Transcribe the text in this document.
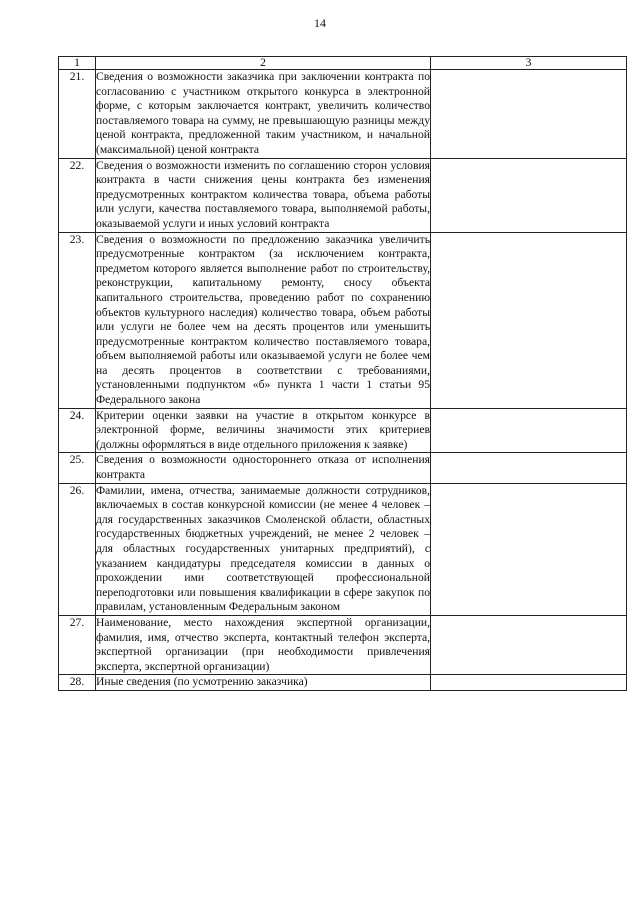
14
1	2	3
21.	Сведения о возможности заказчика при заключении контракта по согласованию с участником открытого конкурса в электронной форме, с которым заключается контракт, увеличить количество поставляемого товара на сумму, не превышающую разницы между ценой контракта, предложенной таким участником, и начальной (максимальной) ценой контракта	
22.	Сведения о возможности изменить по соглашению сторон условия контракта в части снижения цены контракта без изменения предусмотренных контрактом количества товара, объема работы или услуги, качества поставляемого товара, выполняемой работы, оказываемой услуги и иных условий контракта	
23.	Сведения о возможности по предложению заказчика увеличить предусмотренные контрактом (за исключением контракта, предметом которого является выполнение работ по строительству, реконструкции, капитальному ремонту, сносу объекта капитального строительства, проведению работ по сохранению объектов культурного наследия) количество товара, объем работы или услуги не более чем на десять процентов или уменьшить предусмотренные контрактом количество поставляемого товара, объем выполняемой работы или оказываемой услуги не более чем на десять процентов в соответствии с требованиями, установленными подпунктом «б» пункта 1 части 1 статьи 95 Федерального закона	
24.	Критерии оценки заявки на участие в открытом конкурсе в электронной форме, величины значимости этих критериев (должны оформляться в виде отдельного приложения к заявке)	
25.	Сведения о возможности одностороннего отказа от исполнения контракта	
26.	Фамилии, имена, отчества, занимаемые должности сотрудников, включаемых в состав конкурсной комиссии (не менее 4 человек – для государственных заказчиков Смоленской области, областных государственных бюджетных учреждений, не менее 2 человек – для областных государственных унитарных предприятий), с указанием кандидатуры председателя комиссии в данных о прохождении ими соответствующей профессиональной переподготовки или повышения квалификации в сфере закупок по правилам, установленным Федеральным законом	
27.	Наименование, место нахождения экспертной организации, фамилия, имя, отчество эксперта, контактный телефон эксперта, экспертной организации (при необходимости привлечения эксперта, экспертной организации)	
28.	Иные сведения (по усмотрению заказчика)	
